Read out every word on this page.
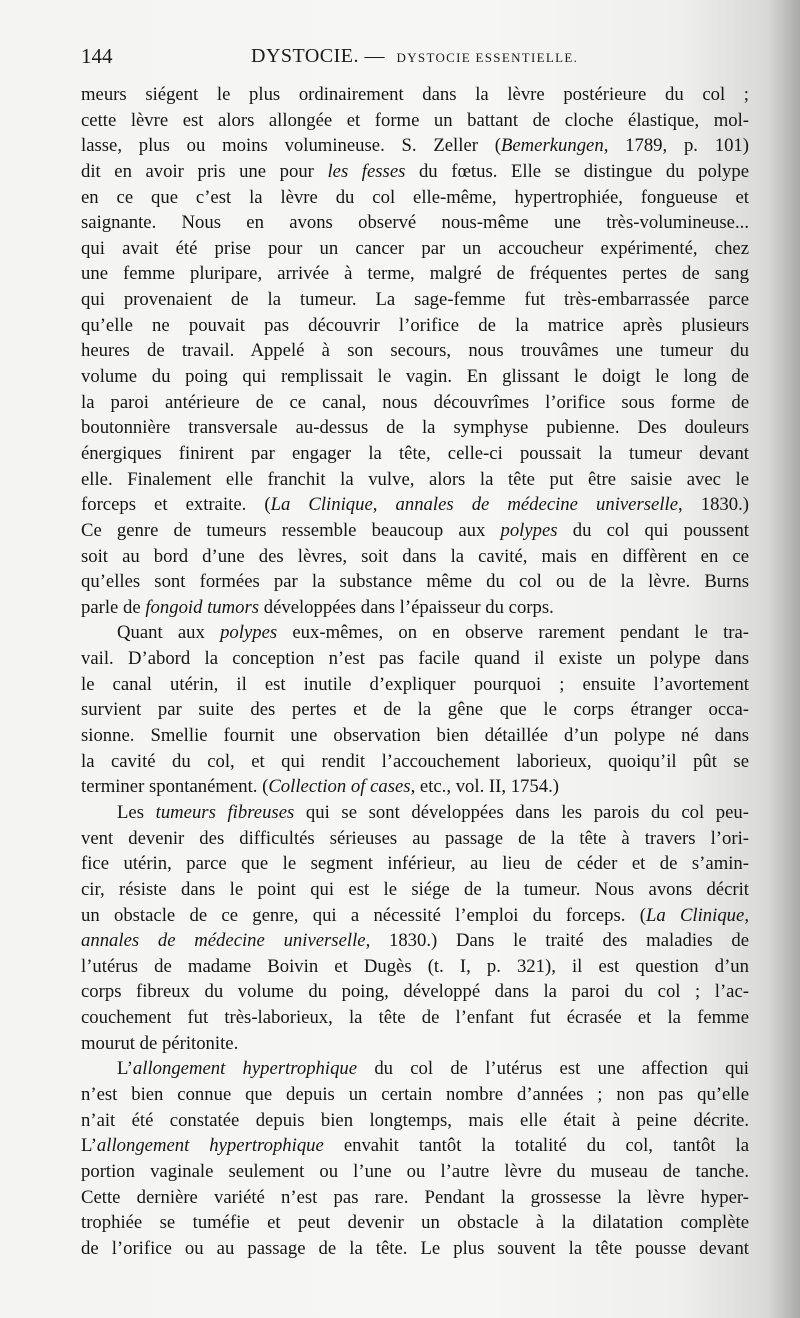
144	DYSTOCIE. — DYSTOCIE ESSENTIELLE.
meurs siégent le plus ordinairement dans la lèvre postérieure du col ;
cette lèvre est alors allongée et forme un battant de cloche élastique, mol-
lasse, plus ou moins volumineuse. S. Zeller (Bemerkungen, 1789, p. 101)
dit en avoir pris une pour les fesses du fœtus. Elle se distingue du polype
en ce que c’est la lèvre du col elle-même, hypertrophiée, fongueuse et
saignante. Nous en avons observé nous-même une très-volumineuse...
qui avait été prise pour un cancer par un accoucheur expérimenté, chez
une femme pluripare, arrivée à terme, malgré de fréquentes pertes de sang
qui provenaient de la tumeur. La sage-femme fut très-embarrassée parce
qu’elle ne pouvait pas découvrir l’orifice de la matrice après plusieurs
heures de travail. Appelé à son secours, nous trouvâmes une tumeur du
volume du poing qui remplissait le vagin. En glissant le doigt le long de
la paroi antérieure de ce canal, nous découvrîmes l’orifice sous forme de
boutonnière transversale au-dessus de la symphyse pubienne. Des douleurs
énergiques finirent par engager la tête, celle-ci poussait la tumeur devant
elle. Finalement elle franchit la vulve, alors la tête put être saisie avec le
forceps et extraite. (La Clinique, annales de médecine universelle, 1830.)
Ce genre de tumeurs ressemble beaucoup aux polypes du col qui poussent
soit au bord d’une des lèvres, soit dans la cavité, mais en diffèrent en ce
qu’elles sont formées par la substance même du col ou de la lèvre. Burns
parle de fongoid tumors développées dans l’épaisseur du corps.
Quant aux polypes eux-mêmes, on en observe rarement pendant le tra-
vail. D’abord la conception n’est pas facile quand il existe un polype dans
le canal utérin, il est inutile d’expliquer pourquoi ; ensuite l’avortement
survient par suite des pertes et de la gêne que le corps étranger occa-
sionne. Smellie fournit une observation bien détaillée d’un polype né dans
la cavité du col, et qui rendit l’accouchement laborieux, quoiqu’il pût se
terminer spontanément. (Collection of cases, etc., vol. II, 1754.)
Les tumeurs fibreuses qui se sont développées dans les parois du col peu-
vent devenir des difficultés sérieuses au passage de la tête à travers l’ori-
fice utérin, parce que le segment inférieur, au lieu de céder et de s’amin-
cir, résiste dans le point qui est le siége de la tumeur. Nous avons décrit
un obstacle de ce genre, qui a nécessité l’emploi du forceps. (La Clinique,
annales de médecine universelle, 1830.) Dans le traité des maladies de
l’utérus de madame Boivin et Dugès (t. I, p. 321), il est question d’un
corps fibreux du volume du poing, développé dans la paroi du col ; l’ac-
couchement fut très-laborieux, la tête de l’enfant fut écrasée et la femme
mourut de péritonite.
L’allongement hypertrophique du col de l’utérus est une affection qui
n’est bien connue que depuis un certain nombre d’années ; non pas qu’elle
n’ait été constatée depuis bien longtemps, mais elle était à peine décrite.
L’allongement hypertrophique envahit tantôt la totalité du col, tantôt la
portion vaginale seulement ou l’une ou l’autre lèvre du museau de tanche.
Cette dernière variété n’est pas rare. Pendant la grossesse la lèvre hyper-
trophiée se tuméfie et peut devenir un obstacle à la dilatation complète
de l’orifice ou au passage de la tête. Le plus souvent la tête pousse devant
